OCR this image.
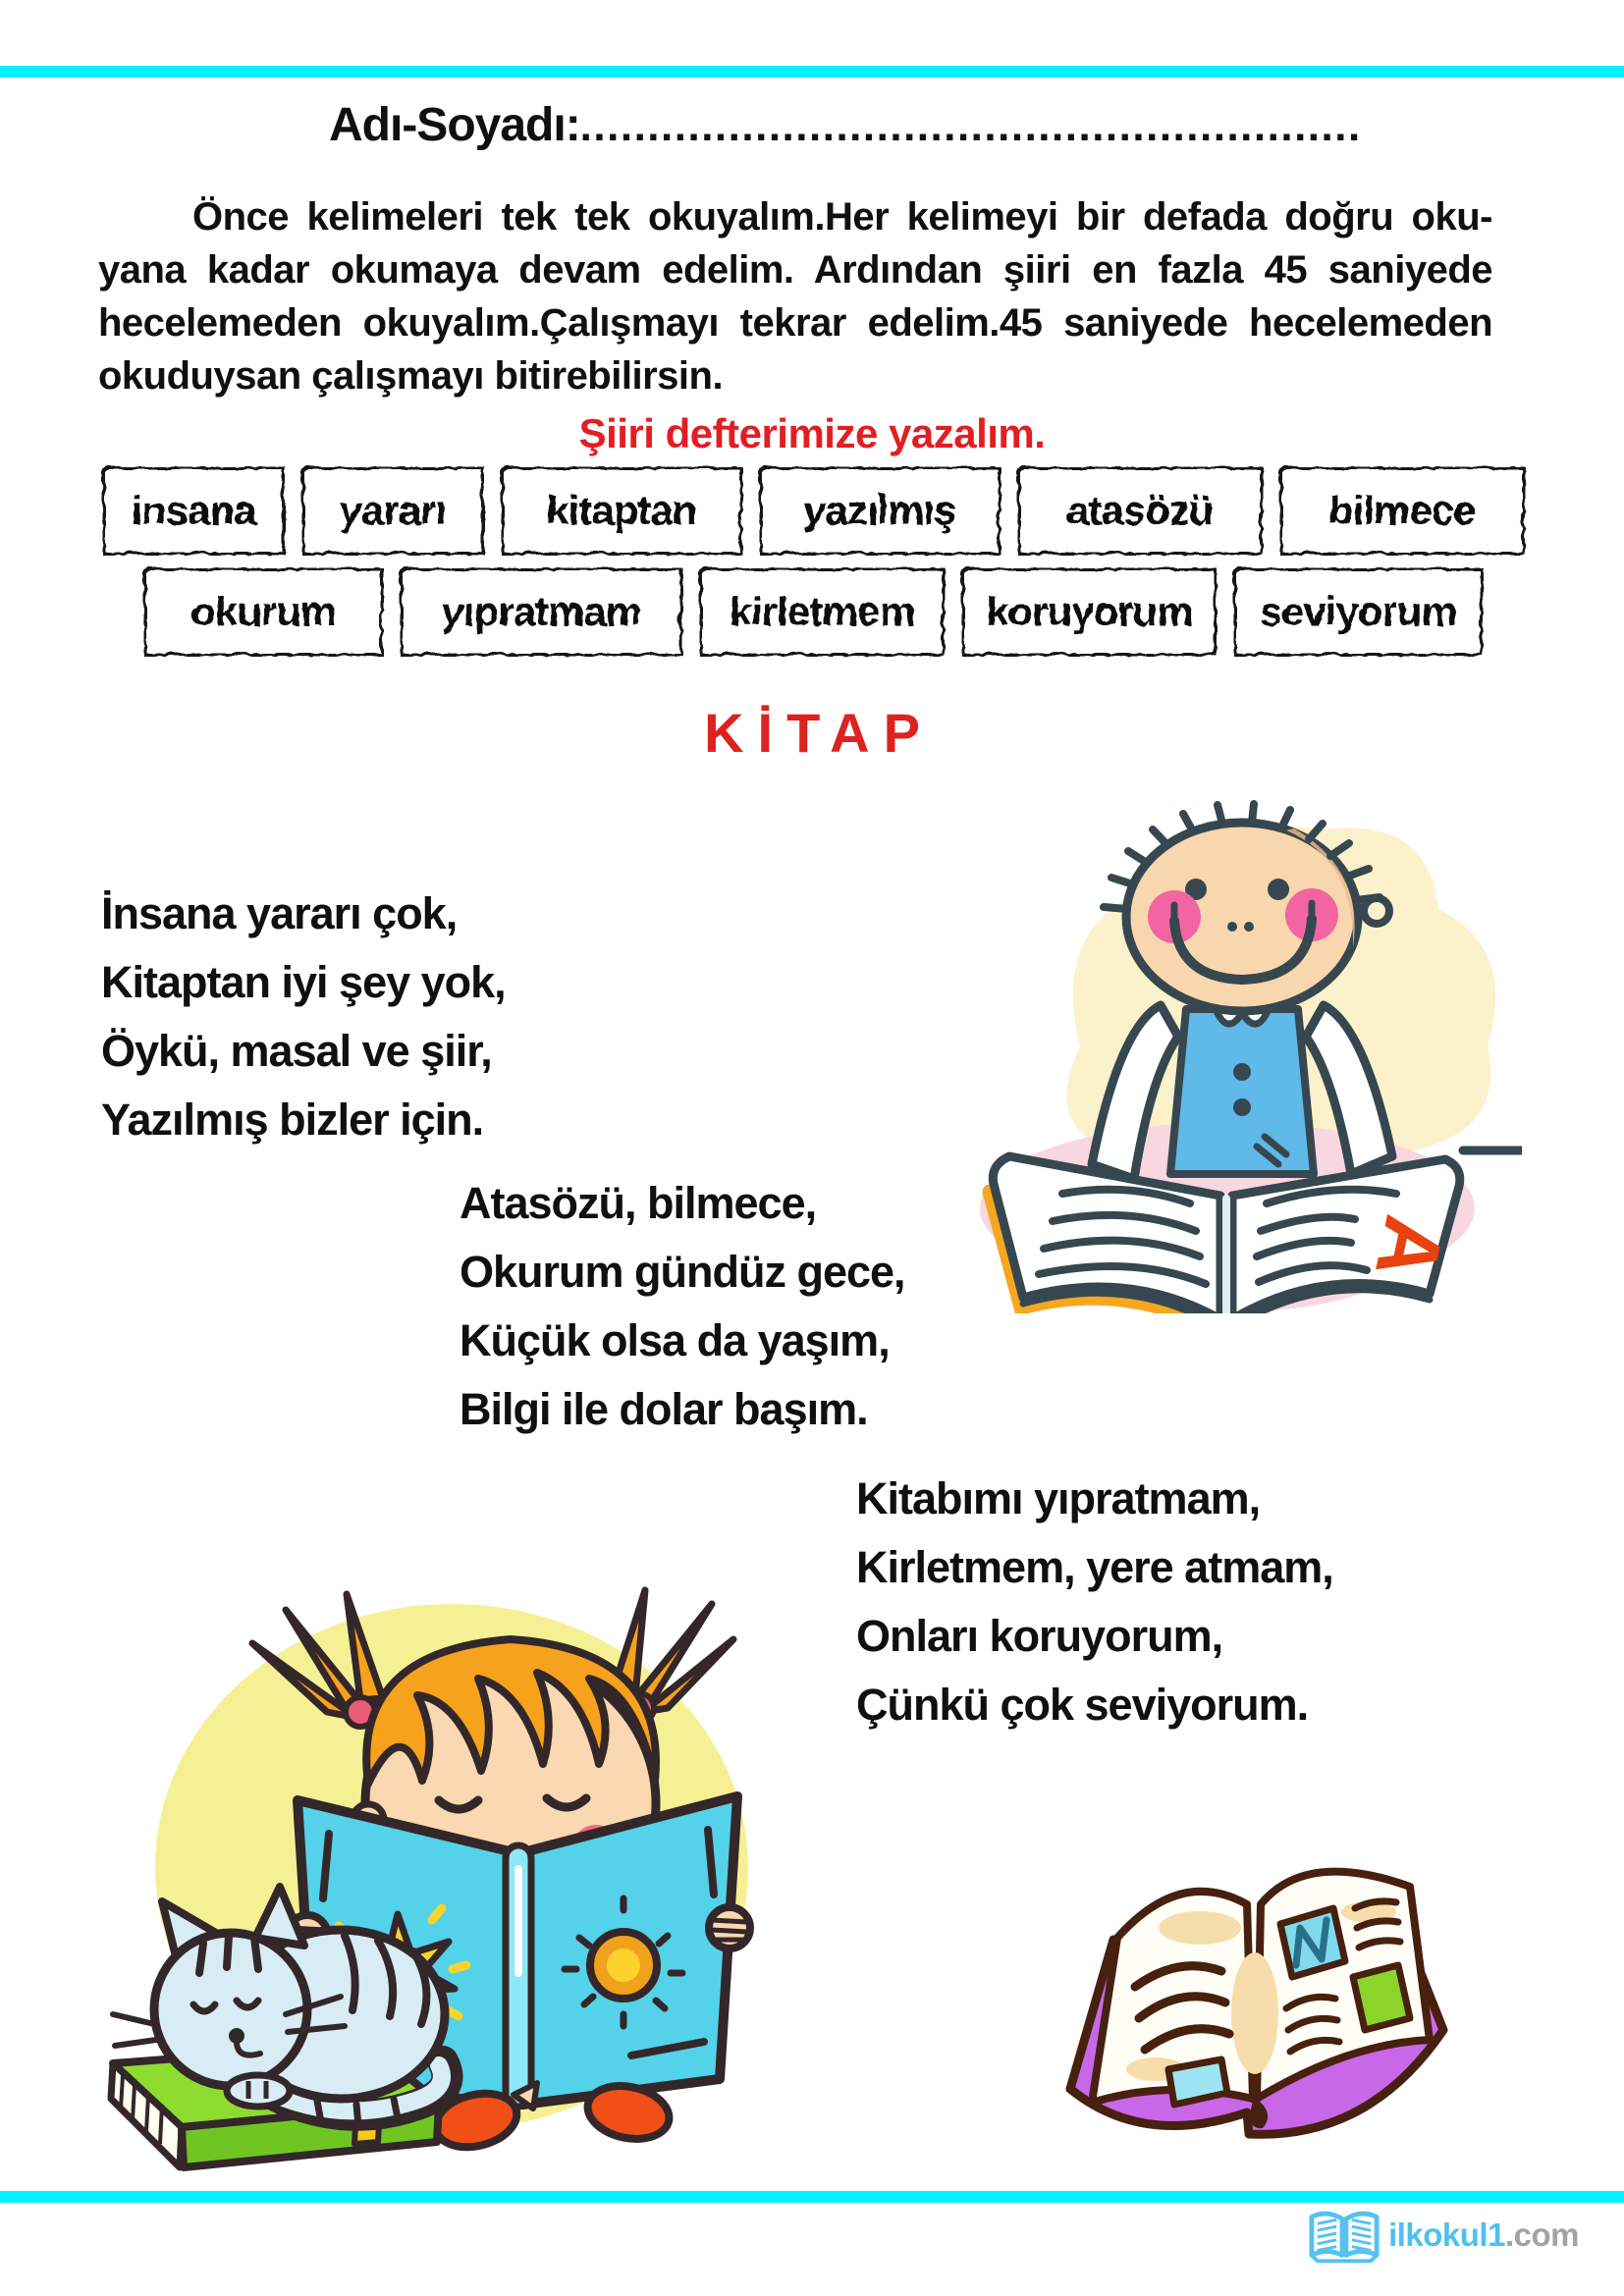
Adı-Soyadı:..........................................................
Önce kelimeleri tek tek okuyalım.Her kelimeyi bir defada doğru oku-
yana kadar okumaya devam edelim. Ardından şiiri en fazla 45 saniyede
hecelemeden okuyalım.Çalışmayı tekrar edelim.45 saniyede hecelemeden
okuduysan çalışmayı bitirebilirsin.
Şiiri defterimize yazalım.
insana	yararı	kitaptan	yazılmış	atasözü	bilmece
okurum	yıpratmam	kirletmem	koruyorum	seviyorum
KİTAP
İnsana yararı çok,
Kitaptan iyi şey yok,
Öykü, masal ve şiir,
Yazılmış bizler için.
Atasözü, bilmece,
Okurum gündüz gece,
Küçük olsa da yaşım,
Bilgi ile dolar başım.
Kitabımı yıpratmam,
Kirletmem, yere atmam,
Onları koruyorum,
Çünkü çok seviyorum.
A
ilkokul1.com
